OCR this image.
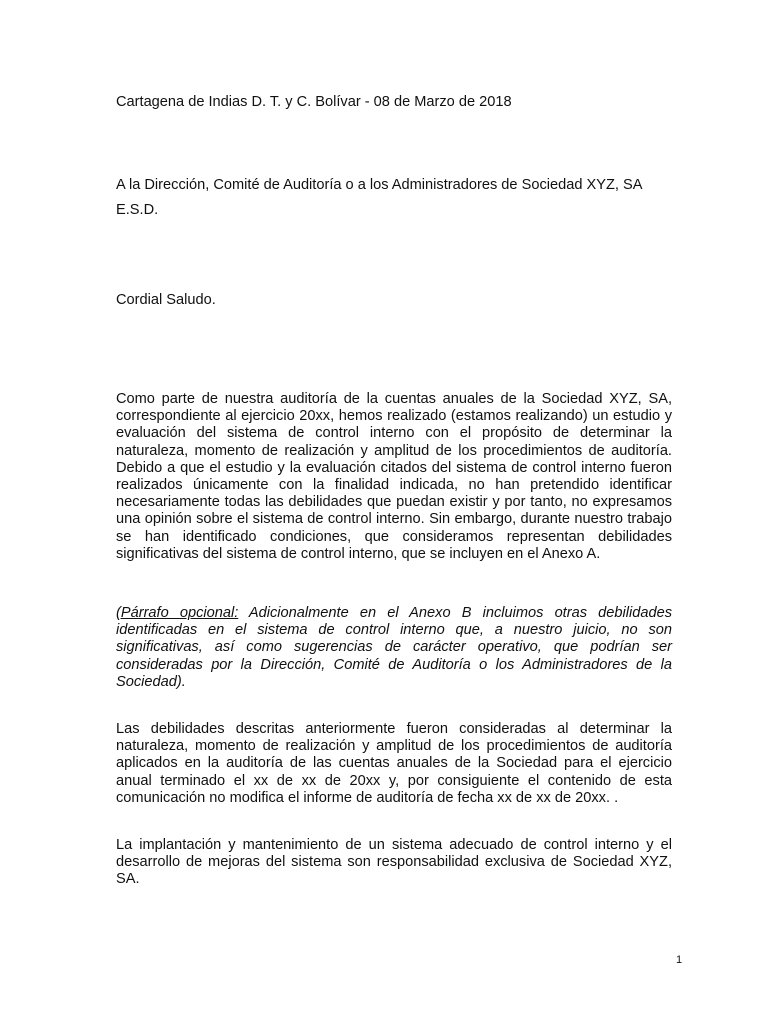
Cartagena de Indias D. T. y C. Bolívar - 08 de Marzo de 2018
A la Dirección, Comité de Auditoría o a los Administradores de Sociedad XYZ, SA
E.S.D.
Cordial Saludo.

Como parte de nuestra auditoría de la cuentas anuales de la Sociedad XYZ, SA, correspondiente al ejercicio 20xx, hemos realizado (estamos realizando) un estudio y evaluación del sistema de control interno con el propósito de determinar la naturaleza, momento de realización y amplitud de los procedimientos de auditoría. Debido a que el estudio y la evaluación citados del sistema de control interno fueron realizados únicamente con la finalidad indicada, no han pretendido identificar necesariamente todas las debilidades que puedan existir y por tanto, no expresamos una opinión sobre el sistema de control interno. Sin embargo, durante nuestro trabajo se han identificado condiciones, que consideramos representan debilidades significativas del sistema de control interno, que se incluyen en el Anexo A.

(Párrafo opcional: Adicionalmente en el Anexo B incluimos otras debilidades identificadas en el sistema de control interno que, a nuestro juicio, no son significativas, así como sugerencias de carácter operativo, que podrían ser consideradas por la Dirección, Comité de Auditoría o los Administradores de la Sociedad).

Las debilidades descritas anteriormente fueron consideradas al determinar la naturaleza, momento de realización y amplitud de los procedimientos de auditoría aplicados en la auditoría de las cuentas anuales de la Sociedad para el ejercicio anual terminado el xx de xx de 20xx y, por consiguiente el contenido de esta comunicación no modifica el informe de auditoría de fecha xx de xx de 20xx. .

La implantación y mantenimiento de un sistema adecuado de control interno y el desarrollo de mejoras del sistema son responsabilidad exclusiva de Sociedad XYZ, SA.

1
